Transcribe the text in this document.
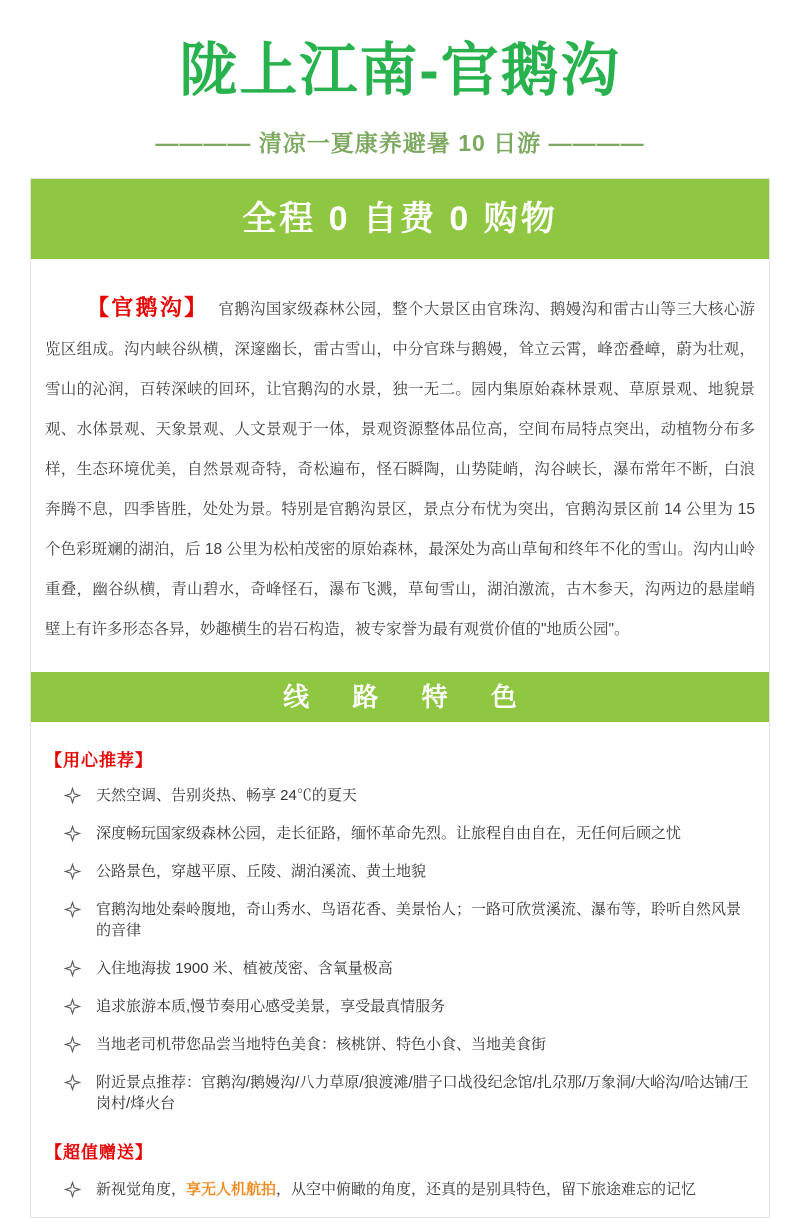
陇上江南-官鹅沟
———— 清凉一夏康养避暑 10 日游 ————
全程 0 自费 0 购物

【官鹅沟】 官鹅沟国家级森林公园，整个大景区由官珠沟、鹅嫚沟和雷古山等三大核心游览区组成。沟内峡谷纵横，深邃幽长，雷古雪山，中分官珠与鹅嫚，耸立云霄，峰峦叠嶂，蔚为壮观，雪山的沁润，百转深峡的回环，让官鹅沟的水景，独一无二。园内集原始森林景观、草原景观、地貌景观、水体景观、天象景观、人文景观于一体，景观资源整体品位高，空间布局特点突出，动植物分布多样，生态环境优美，自然景观奇特，奇松遍布，怪石瞬陶，山势陡峭，沟谷峡长，瀑布常年不断，白浪奔腾不息，四季皆胜，处处为景。特别是官鹅沟景区，景点分布忧为突出，官鹅沟景区前 14 公里为 15 个色彩斑斓的湖泊，后 18 公里为松柏茂密的原始森林，最深处为高山草甸和终年不化的雪山。沟内山岭重叠，幽谷纵横，青山碧水，奇峰怪石，瀑布飞溅，草甸雪山，湖泊激流，古木参天，沟两边的悬崖峭壁上有许多形态各异，妙趣横生的岩石构造，被专家誉为最有观赏价值的"地质公园"。

线 路 特 色
【用心推荐】
天然空调、告别炎热、畅享 24℃的夏天
深度畅玩国家级森林公园，走长征路，缅怀革命先烈。让旅程自由自在，无任何后顾之忧
公路景色，穿越平原、丘陵、湖泊溪流、黄土地貌
官鹅沟地处秦岭腹地，奇山秀水、鸟语花香、美景怡人；一路可欣赏溪流、瀑布等，聆听自然风景的音律
入住地海拔 1900 米、植被茂密、含氧量极高
追求旅游本质,慢节奏用心感受美景，享受最真情服务
当地老司机带您品尝当地特色美食：核桃饼、特色小食、当地美食街
附近景点推荐：官鹅沟/鹅嫚沟/八力草原/狼渡滩/腊子口战役纪念馆/扎尕那/万象洞/大峪沟/哈达铺/王岗村/烽火台
【超值赠送】
新视觉角度，享无人机航拍，从空中俯瞰的角度，还真的是别具特色，留下旅途难忘的记忆
